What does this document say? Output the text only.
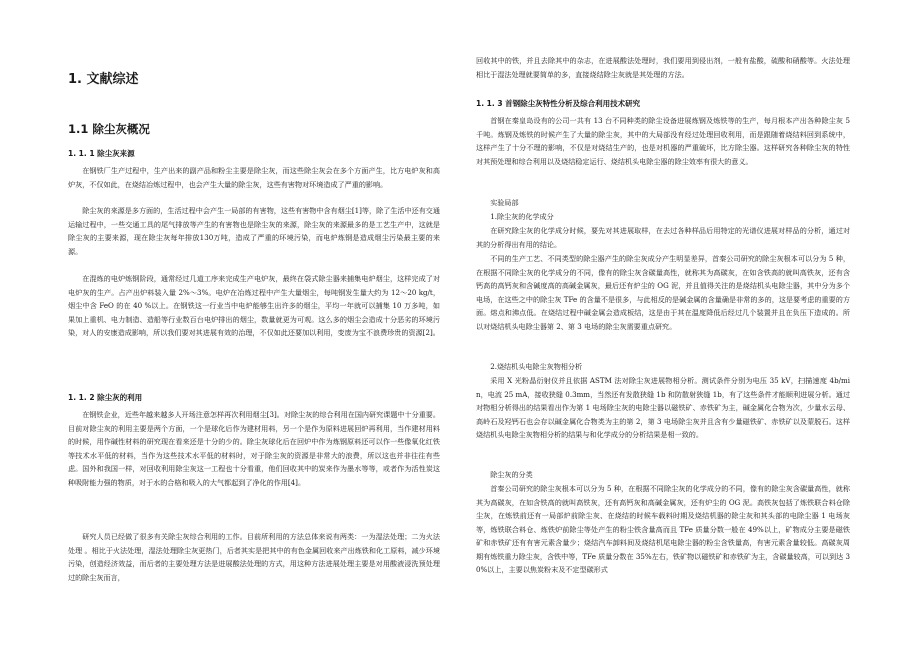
1. 文献综述
1.1 除尘灰概况
1. 1. 1 除尘灰来源

在钢铁厂生产过程中，生产出来的副产品和粉尘主要是除尘灰，而这些除尘灰会在多个方面产生，比方电炉灰和高炉灰，不仅如此，在烧结冶炼过程中，也会产生大量的除尘灰，这些有害物对环境造成了严重的影响。

除尘灰的来源是多方面的，生活过程中会产生一局部的有害物，这些有害物中含有烟尘[1]等，除了生活中还有交通运输过程中，一些交通工具的尾气排放等产生的有害物也是除尘灰的来源，除尘灰的来源最多的是工艺生产中，这就是除尘灰的主要来源，现在除尘灰每年排放130万吨，造成了严重的环境污染，而电炉炼钢是造成烟尘污染最主要的来源。

在混炼的电炉炼钢阶段，通常经过几道工序来完成生产电炉灰，最终在袋式除尘器来捕集电炉烟尘，这样完成了对电炉灰的生产。占产出炉料装入量 2%～3%。电炉在冶炼过程中产生大量烟尘，每吨钢发生量大约为 12～20 kg/t，烟尘中含 FeO 的在 40 %以上。在钢铁这一行业当中电炉能够生出许多的烟尘，平均一年就可以捕集 10 万多吨，如果加上重机、电力制造、造船等行业数百台电炉排出的烟尘，数量就更为可观。这么多的烟尘会造成十分恶劣的环境污染，对人的安康造成影响，所以我们要对其进展有效的治理，不仅如此还要加以利用，变废为宝不浪费珍贵的资源[2]。

1. 1. 2 除尘灰的利用

在钢铁企业，近些年越来越多人开场注意怎样再次利用烟尘[3]。对除尘灰的综合利用在国内研究课题中十分重要。目前对除尘灰的利用主要是两个方面，一个是球化后作为建材用料，另一个是作为原料进展回炉再利用，当作建材用料的时候，用作碱性材料的研究现在看来还是十分的少的。除尘灰球化后在回炉中作为炼钢原料还可以作一些像氧化红铁等技术水平低的材料，当作为这些技术水平低的材料时，对于除尘灰的资源是非常大的浪费，所以这也并非往往有些虑。国外和我国一样，对回收利用除尘灰这一工程也十分看重，他们回收其中的炭来作为墨水等等，或者作为活性炭这种吸附能力强的物质，对于水的合格和吸入的大气都起到了净化的作用[4]。

研究人员已经做了很多有关除尘灰综合利用的工作。目前所利用的方法总体来说有两类：一为湿法处理；二为火法处理 。相比于火法处理，湿法处理除尘灰更热门，后者其实是把其中的有色金属回收来产出炼铁和化工原料，减少环境污染，创造经济效益，而后者的主要处理方法是进展酸法处理的方式，用这种方法进展处理主要是对用酸液浸洗预处理过的除尘灰而言，

回收其中的铁，并且去除其中的杂志，在进展酸法处理时，我们要用到侵出剂，一般有盐酸，硫酸和硝酸等。火法处理相比于湿法处理就要简单的多，直接烧结除尘灰就是其处理的方法。

1. 1. 3 首钢除尘灰特性分析及综合利用技术研究

首钢在秦皇岛设有的公司一共有 13 台不同种类的除尘设备进展炼钢及炼铁等的生产，每月根本产出各种除尘灰 5 千吨。炼钢及炼铁的时候产生了大量的除尘灰，其中的大局部没有经过处理回收利用，而是跟随着烧结料回到系统中，这样产生了十分不理的影响，不仅是对烧结生产的，也是对机器的严重破坏，比方除尘器。这样研究各种除尘灰的特性对其预处理和综合利用以及烧结稳定运行、烧结机头电除尘器的除尘效率有很大的意义。

实验局部

1.除尘灰的化学成分

在研究除尘灰的化学成分时候，要先对其进展取样，在去过各种样品后用特定的光谱仪进展对样品的分析，通过对其的分析得出有用的结论。

不同的生产工艺、不同类型的除尘器产生的除尘灰成分产生明显差异，首秦公司研究的除尘灰根本可以分为 5 种，在根据不同除尘灰的化学成分的不同，像有的除尘灰含碳量高性，就称其为高碳灰，在如含铁高的就叫高铁灰，还有含钙高的高钙灰和含碱度高的高碱金属灰，最后还有炉尘的 OG 泥，并且值得关注的是烧结机头电除尘器，其中分为多个电场，在这些之中的除尘灰 TFe 的含量不是很多，与此相反的是碱金属的含量确是非常的多的，这是要考虑的重要的方面。熔点和沸点低。在烧结过程中碱金属会造成板结，这是由于其在温度降低后经过几个装置并且在负压下造成的。所以对烧结机头电除尘器第 2、第 3 电场的除尘灰需要重点研究。

2.烧结机头电除尘灰物相分析

采用 X 光粉晶衍射仪并且依据 ASTM 法对除尘灰进展物相分析。测试条件分别为电压 35 kV，扫描速度 4b/min，电流 25 mA，接收狭缝 0.3mm，当然还有发散狭缝 1b 和防散射狭缝 1b，有了这些条件才能顺利进展分析。通过对物相分析得出的结果看出作为第 1 电场除尘灰的电除尘器以磁铁矿、赤铁矿为主，碱金属化合物为次，少量水云母、高岭石及羟钙石也会存以碱金属化合物类为主的第 2，第 3 电场除尘灰并且含有少量磁铁矿、赤铁矿以及蒙脱石。这样烧结机头电除尘灰物相分析的结果与和化学成分的分析结果是相一致的。

除尘灰的分类

首秦公司研究的除尘灰根本可以分为 5 种，在根据不同除尘灰的化学成分的不同，像有的除尘灰含碳量高性，就称其为高碳灰，在如含铁高的就叫高铁灰，还有高钙灰和高碱金属灰，还有炉尘的 OG 泥。高铁灰包括了炼铁联合料仓除尘灰，在炼铁前还有一局部炉前除尘灰、在烧结的时候车载料时期及烧结机器的除尘灰和其头部的电除尘器 1 电场灰等，炼铁联合料仓、炼铁炉前除尘等处产生的粉尘铁含量高而且 TFe 质量分数一般在 49%以上，矿物成分主要是磁铁矿和赤铁矿还有有害元素含量少；烧结汽车卸料间及烧结机尾电除尘器的粉尘含铁量高，有害元素含量较低。高碳灰周期有炼铁重力除尘灰，含铁中等，TFe 质量分数在 35%左右，铁矿物以磁铁矿和赤铁矿为主，含碳量较高，可以到达 30%以上，主要以焦炭粉末及不定型碳形式
